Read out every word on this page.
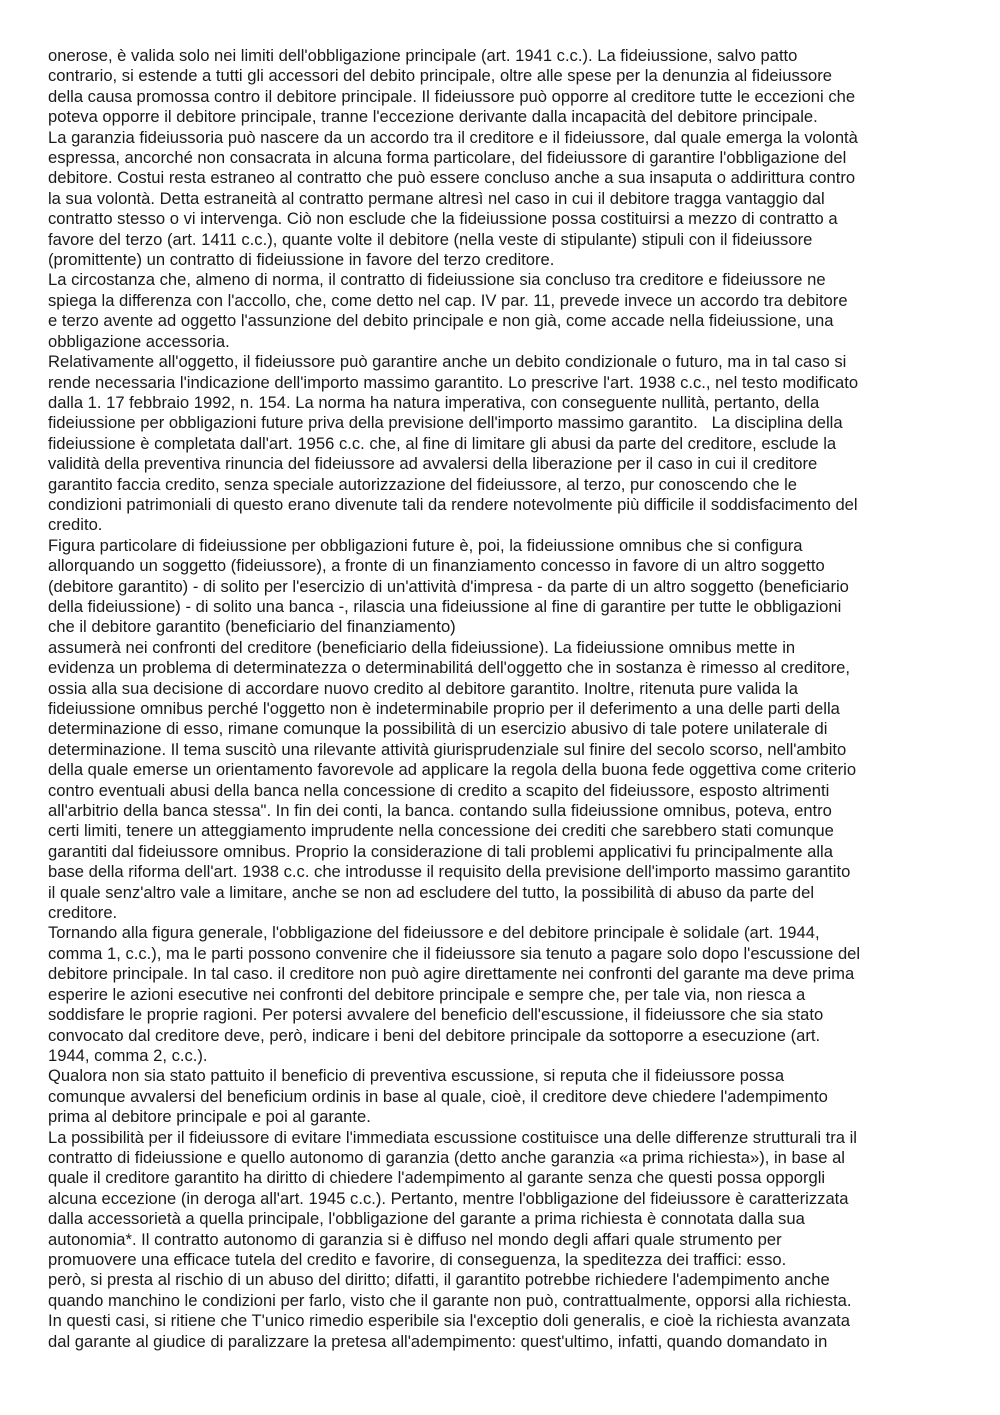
onerose, è valida solo nei limiti dell'obbligazione principale (art. 1941 c.c.). La fideiussione, salvo patto
contrario, si estende a tutti gli accessori del debito principale, oltre alle spese per la denunzia al fideiussore
della causa promossa contro il debitore principale. Il fideiussore può opporre al creditore tutte le eccezioni che
poteva opporre il debitore principale, tranne l'eccezione derivante dalla incapacità del debitore principale.
La garanzia fideiussoria può nascere da un accordo tra il creditore e il fideiussore, dal quale emerga la volontà
espressa, ancorché non consacrata in alcuna forma particolare, del fideiussore di garantire l'obbligazione del
debitore. Costui resta estraneo al contratto che può essere concluso anche a sua insaputa o addirittura contro
la sua volontà. Detta estraneità al contratto permane altresì nel caso in cui il debitore tragga vantaggio dal
contratto stesso o vi intervenga. Ciò non esclude che la fideiussione possa costituirsi a mezzo di contratto a
favore del terzo (art. 1411 c.c.), quante volte il debitore (nella veste di stipulante) stipuli con il fideiussore
(promittente) un contratto di fideiussione in favore del terzo creditore.
La circostanza che, almeno di norma, il contratto di fideiussione sia concluso tra creditore e fideiussore ne
spiega la differenza con l'accollo, che, come detto nel cap. IV par. 11, prevede invece un accordo tra debitore
e terzo avente ad oggetto l'assunzione del debito principale e non già, come accade nella fideiussione, una
obbligazione accessoria.
Relativamente all'oggetto, il fideiussore può garantire anche un debito condizionale o futuro, ma in tal caso si
rende necessaria l'indicazione dell'importo massimo garantito. Lo prescrive l'art. 1938 c.c., nel testo modificato
dalla 1. 17 febbraio 1992, n. 154. La norma ha natura imperativa, con conseguente nullità, pertanto, della
fideiussione per obbligazioni future priva della previsione dell'importo massimo garantito.   La disciplina della
fideiussione è completata dall'art. 1956 c.c. che, al fine di limitare gli abusi da parte del creditore, esclude la
validità della preventiva rinuncia del fideiussore ad avvalersi della liberazione per il caso in cui il creditore
garantito faccia credito, senza speciale autorizzazione del fideiussore, al terzo, pur conoscendo che le
condizioni patrimoniali di questo erano divenute tali da rendere notevolmente più difficile il soddisfacimento del
credito.
Figura particolare di fideiussione per obbligazioni future è, poi, la fideiussione omnibus che si configura
allorquando un soggetto (fideiussore), a fronte di un finanziamento concesso in favore di un altro soggetto
(debitore garantito) - di solito per l'esercizio di un'attività d'impresa - da parte di un altro soggetto (beneficiario
della fideiussione) - di solito una banca -, rilascia una fideiussione al fine di garantire per tutte le obbligazioni
che il debitore garantito (beneficiario del finanziamento)
assumerà nei confronti del creditore (beneficiario della fideiussione). La fideiussione omnibus mette in
evidenza un problema di determinatezza o determinabilitá dell'oggetto che in sostanza è rimesso al creditore,
ossia alla sua decisione di accordare nuovo credito al debitore garantito. Inoltre, ritenuta pure valida la
fideiussione omnibus perché l'oggetto non è indeterminabile proprio per il deferimento a una delle parti della
determinazione di esso, rimane comunque la possibilità di un esercizio abusivo di tale potere unilaterale di
determinazione. Il tema suscitò una rilevante attività giurisprudenziale sul finire del secolo scorso, nell'ambito
della quale emerse un orientamento favorevole ad applicare la regola della buona fede oggettiva come criterio
contro eventuali abusi della banca nella concessione di credito a scapito del fideiussore, esposto altrimenti
all'arbitrio della banca stessa". In fin dei conti, la banca. contando sulla fideiussione omnibus, poteva, entro
certi limiti, tenere un atteggiamento imprudente nella concessione dei crediti che sarebbero stati comunque
garantiti dal fideiussore omnibus. Proprio la considerazione di tali problemi applicativi fu principalmente alla
base della riforma dell'art. 1938 c.c. che introdusse il requisito della previsione dell'importo massimo garantito
il quale senz'altro vale a limitare, anche se non ad escludere del tutto, la possibilità di abuso da parte del
creditore.
Tornando alla figura generale, l'obbligazione del fideiussore e del debitore principale è solidale (art. 1944,
comma 1, c.c.), ma le parti possono convenire che il fideiussore sia tenuto a pagare solo dopo l'escussione del
debitore principale. In tal caso. il creditore non può agire direttamente nei confronti del garante ma deve prima
esperire le azioni esecutive nei confronti del debitore principale e sempre che, per tale via, non riesca a
soddisfare le proprie ragioni. Per potersi avvalere del beneficio dell'escussione, il fideiussore che sia stato
convocato dal creditore deve, però, indicare i beni del debitore principale da sottoporre a esecuzione (art.
1944, comma 2, c.c.).
Qualora non sia stato pattuito il beneficio di preventiva escussione, si reputa che il fideiussore possa
comunque avvalersi del beneficium ordinis in base al quale, cioè, il creditore deve chiedere l'adempimento
prima al debitore principale e poi al garante.
La possibilità per il fideiussore di evitare l'immediata escussione costituisce una delle differenze strutturali tra il
contratto di fideiussione e quello autonomo di garanzia (detto anche garanzia «a prima richiesta»), in base al
quale il creditore garantito ha diritto di chiedere l'adempimento al garante senza che questi possa opporgli
alcuna eccezione (in deroga all'art. 1945 c.c.). Pertanto, mentre l'obbligazione del fideiussore è caratterizzata
dalla accessorietà a quella principale, l'obbligazione del garante a prima richiesta è connotata dalla sua
autonomia*. Il contratto autonomo di garanzia si è diffuso nel mondo degli affari quale strumento per
promuovere una efficace tutela del credito e favorire, di conseguenza, la speditezza dei traffici: esso.
però, si presta al rischio di un abuso del diritto; difatti, il garantito potrebbe richiedere l'adempimento anche
quando manchino le condizioni per farlo, visto che il garante non può, contrattualmente, opporsi alla richiesta.
In questi casi, si ritiene che T'unico rimedio esperibile sia l'exceptio doli generalis, e cioè la richiesta avanzata
dal garante al giudice di paralizzare la pretesa all'adempimento: quest'ultimo, infatti, quando domandato in
